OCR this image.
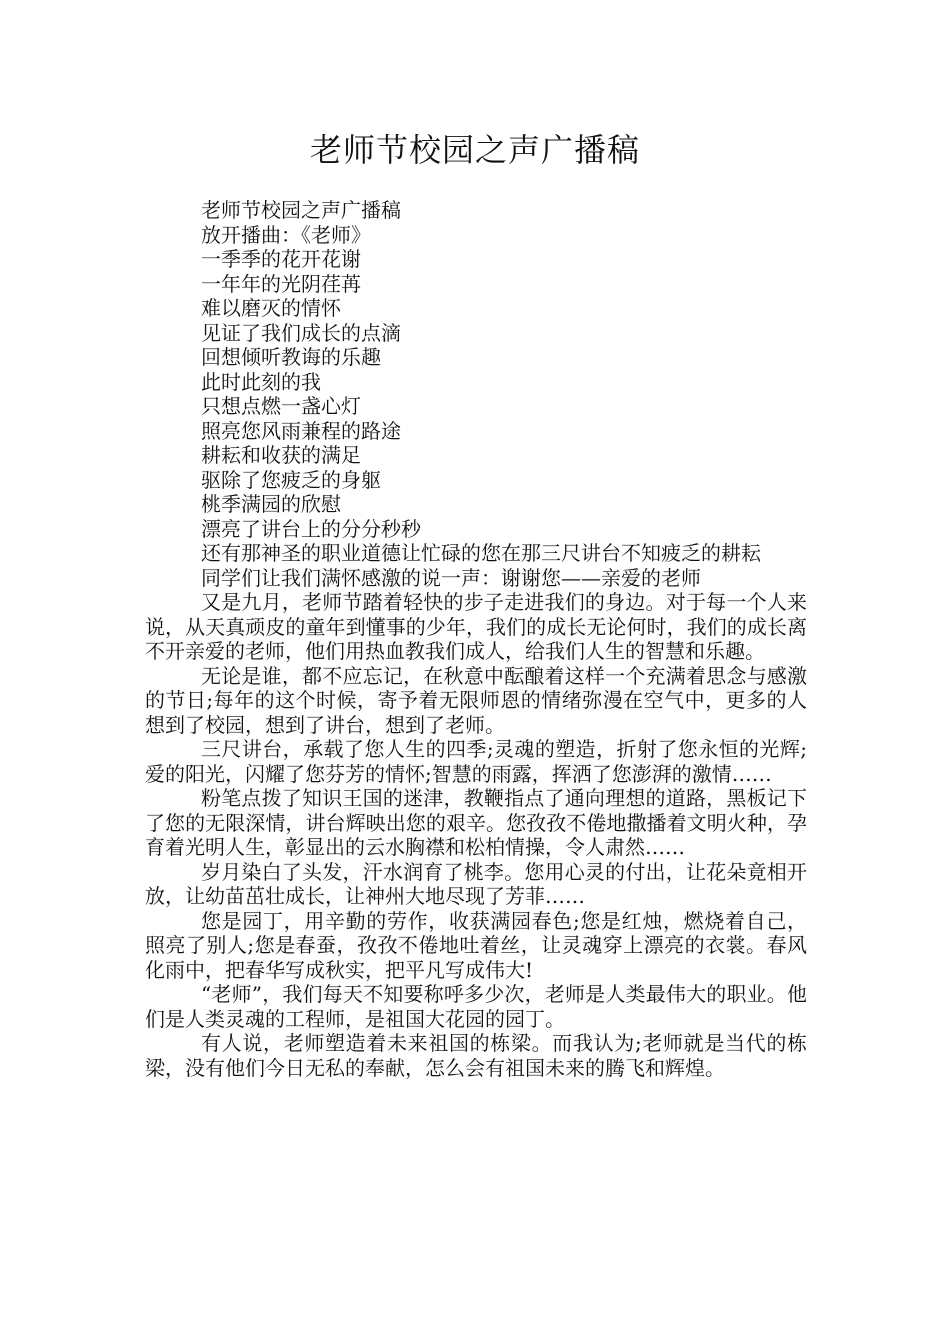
老师节校园之声广播稿

老师节校园之声广播稿

放开播曲：《老师》

一季季的花开花谢

一年年的光阴荏苒

难以磨灭的情怀

见证了我们成长的点滴

回想倾听教诲的乐趣

此时此刻的我

只想点燃一盏心灯

照亮您风雨兼程的路途

耕耘和收获的满足

驱除了您疲乏的身躯

桃季满园的欣慰

漂亮了讲台上的分分秒秒

还有那神圣的职业道德让忙碌的您在那三尺讲台不知疲乏的耕耘

同学们让我们满怀感激的说一声：谢谢您——亲爱的老师

又是九月，老师节踏着轻快的步子走进我们的身边。对于每一个人来说，从天真顽皮的童年到懂事的少年，我们的成长无论何时，我们的成长离不开亲爱的老师，他们用热血教我们成人，给我们人生的智慧和乐趣。

无论是谁，都不应忘记，在秋意中酝酿着这样一个充满着思念与感激的节日;每年的这个时候，寄予着无限师恩的情绪弥漫在空气中，更多的人想到了校园，想到了讲台，想到了老师。

三尺讲台，承载了您人生的四季;灵魂的塑造，折射了您永恒的光辉;爱的阳光，闪耀了您芬芳的情怀;智慧的雨露，挥洒了您澎湃的激情……

粉笔点拨了知识王国的迷津，教鞭指点了通向理想的道路，黑板记下了您的无限深情，讲台辉映出您的艰辛。您孜孜不倦地撒播着文明火种，孕育着光明人生，彰显出的云水胸襟和松柏情操，令人肃然……

岁月染白了头发，汗水润育了桃李。您用心灵的付出，让花朵竟相开放，让幼苗茁壮成长，让神州大地尽现了芳菲……

您是园丁，用辛勤的劳作，收获满园春色;您是红烛，燃烧着自己，照亮了别人;您是春蚕，孜孜不倦地吐着丝，让灵魂穿上漂亮的衣裳。春风化雨中，把春华写成秋实，把平凡写成伟大!

“老师”，我们每天不知要称呼多少次，老师是人类最伟大的职业。他们是人类灵魂的工程师，是祖国大花园的园丁。

有人说，老师塑造着未来祖国的栋梁。而我认为;老师就是当代的栋梁，没有他们今日无私的奉献，怎么会有祖国未来的腾飞和辉煌。
